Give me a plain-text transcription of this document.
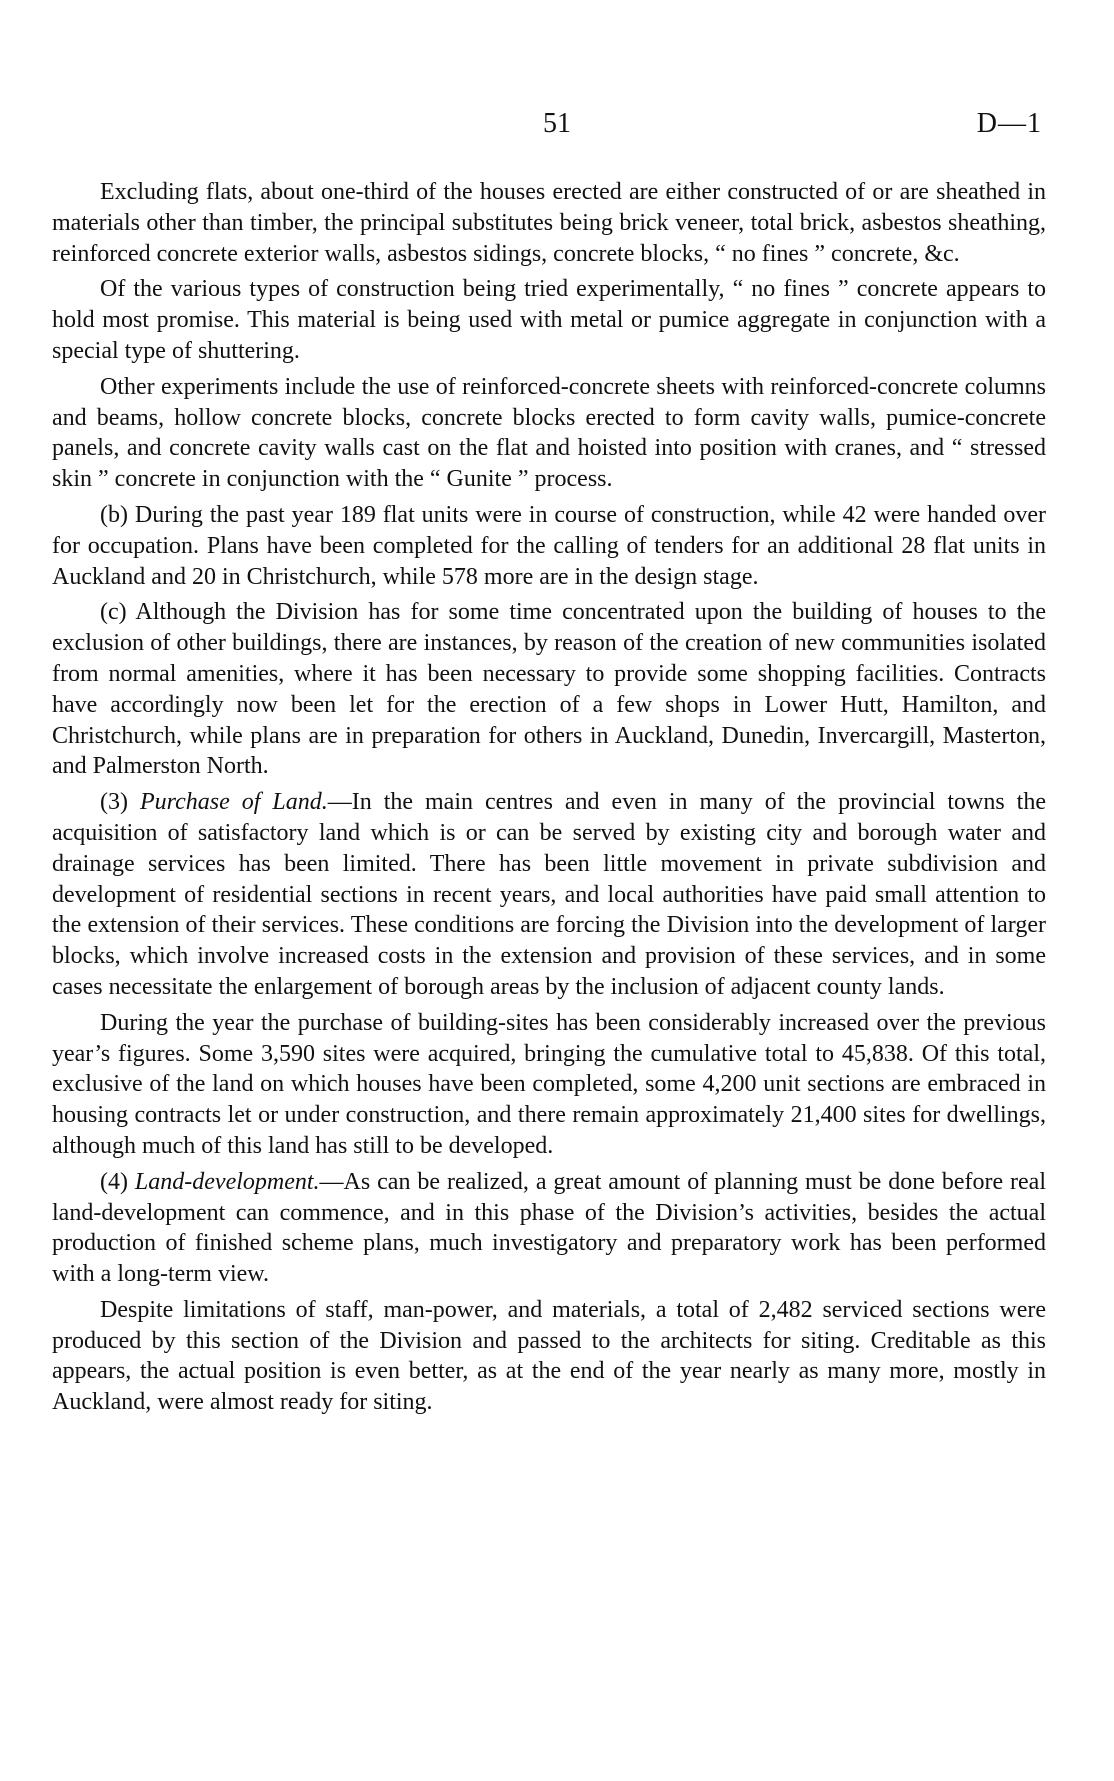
51	D—1

Excluding flats, about one-third of the houses erected are either constructed of or are sheathed in materials other than timber, the principal substitutes being brick veneer, total brick, asbestos sheathing, reinforced concrete exterior walls, asbestos sidings, concrete blocks, “ no fines ” concrete, &c.

Of the various types of construction being tried experimentally, “ no fines ” concrete appears to hold most promise. This material is being used with metal or pumice aggregate in conjunction with a special type of shuttering.

Other experiments include the use of reinforced-concrete sheets with reinforced-concrete columns and beams, hollow concrete blocks, concrete blocks erected to form cavity walls, pumice-concrete panels, and concrete cavity walls cast on the flat and hoisted into position with cranes, and “ stressed skin ” concrete in conjunction with the “ Gunite ” process.

(b) During the past year 189 flat units were in course of construction, while 42 were handed over for occupation. Plans have been completed for the calling of tenders for an additional 28 flat units in Auckland and 20 in Christchurch, while 578 more are in the design stage.

(c) Although the Division has for some time concentrated upon the building of houses to the exclusion of other buildings, there are instances, by reason of the creation of new communities isolated from normal amenities, where it has been necessary to provide some shopping facilities. Contracts have accordingly now been let for the erection of a few shops in Lower Hutt, Hamilton, and Christchurch, while plans are in preparation for others in Auckland, Dunedin, Invercargill, Masterton, and Palmerston North.

(3) Purchase of Land.—In the main centres and even in many of the provincial towns the acquisition of satisfactory land which is or can be served by existing city and borough water and drainage services has been limited. There has been little movement in private subdivision and development of residential sections in recent years, and local authorities have paid small attention to the extension of their services. These conditions are forcing the Division into the development of larger blocks, which involve increased costs in the extension and provision of these services, and in some cases necessitate the enlargement of borough areas by the inclusion of adjacent county lands.

During the year the purchase of building-sites has been considerably increased over the previous year’s figures. Some 3,590 sites were acquired, bringing the cumulative total to 45,838. Of this total, exclusive of the land on which houses have been completed, some 4,200 unit sections are embraced in housing contracts let or under construction, and there remain approximately 21,400 sites for dwellings, although much of this land has still to be developed.

(4) Land-development.—As can be realized, a great amount of planning must be done before real land-development can commence, and in this phase of the Division’s activities, besides the actual production of finished scheme plans, much investigatory and preparatory work has been performed with a long-term view.

Despite limitations of staff, man-power, and materials, a total of 2,482 serviced sections were produced by this section of the Division and passed to the architects for siting. Creditable as this appears, the actual position is even better, as at the end of the year nearly as many more, mostly in Auckland, were almost ready for siting.
